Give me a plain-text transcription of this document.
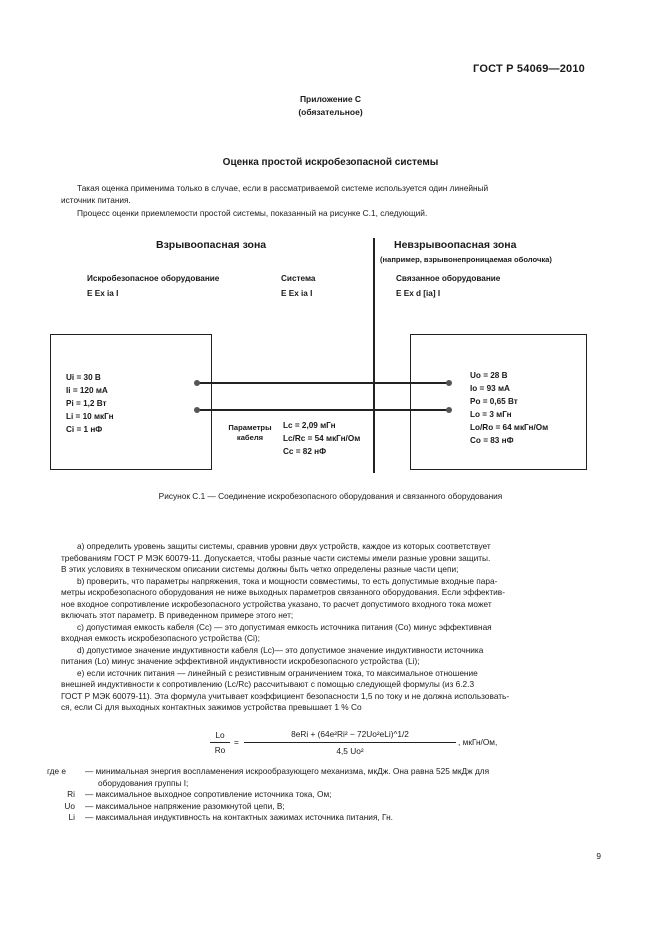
ГОСТ Р 54069—2010
Приложение С
(обязательное)
Оценка простой искробезопасной системы
Такая оценка применима только в случае, если в рассматриваемой системе используется один линейный
источник питания.
Процесс оценки приемлемости простой системы, показанный на рисунке С.1, следующий.
Взрывоопасная зона	Невзрывоопасная зона
(например, взрывонепроницаемая оболочка)
Искробезопасное оборудование
E Ex ia I
Система
E Ex ia I
Связанное оборудование
E Ex d [ia] I
Ui = 30 В
Ii = 120 мА
Pi = 1,2 Вт
Li = 10 мкГн
Ci = 1 нФ	Параметры
кабеля
Lc = 2,09 мГн
Lc/Rc = 54 мкГн/Ом
Cc = 82 нФ
Uo = 28 В
Io = 93 мА
Po = 0,65 Вт
Lo = 3 мГн
Lo/Ro = 64 мкГн/Ом
Co = 83 нФ
Рисунок С.1 — Соединение искробезопасного оборудования и связанного оборудования
а) определить уровень защиты системы, сравнив уровни двух устройств, каждое из которых соответствует
требованиям ГОСТ Р МЭК 60079-11. Допускается, чтобы разные части системы имели разные уровни защиты.
В этих условиях в техническом описании системы должны быть четко определены разные части цепи;
b) проверить, что параметры напряжения, тока и мощности совместимы, то есть допустимые входные пара-
метры искробезопасного оборудования не ниже выходных параметров связанного оборудования. Если эффектив-
ное входное сопротивление искробезопасного устройства указано, то расчет допустимого входного тока может
включать этот параметр. В приведенном примере этого нет;
с) допустимая емкость кабеля (Cc) — это допустимая емкость источника питания (Co) минус эффективная
входная емкость искробезопасного устройства (Ci);
d) допустимое значение индуктивности кабеля (Lc)— это допустимое значение индуктивности источника
питания (Lo) минус значение эффективной индуктивности искробезопасного устройства (Li);
е) если источник питания — линейный с резистивным ограничением тока, то максимальное отношение
внешней индуктивности к сопротивлению (Lc/Rc) рассчитывают с помощью следующей формулы (из 6.2.3
ГОСТ Р МЭК 60079-11). Эта формула учитывает коэффициент безопасности 1,5 по току и не должна использовать-
ся, если Ci для выходных контактных зажимов устройства превышает 1 % Co
Lo
Ro
=
8eRi + (64e²Ri² − 72Uo²eLi)^1/2
4,5 Uo²
, мкГн/Ом,
где e	— минимальная энергия воспламенения искрообразующего механизма, мкДж. Она равна 525 мкДж для
оборудования группы I;
Ri	— максимальное выходное сопротивление источника тока, Ом;
Uo	— максимальное напряжение разомкнутой цепи, В;
Li	— максимальная индуктивность на контактных зажимах источника питания, Гн.
9
